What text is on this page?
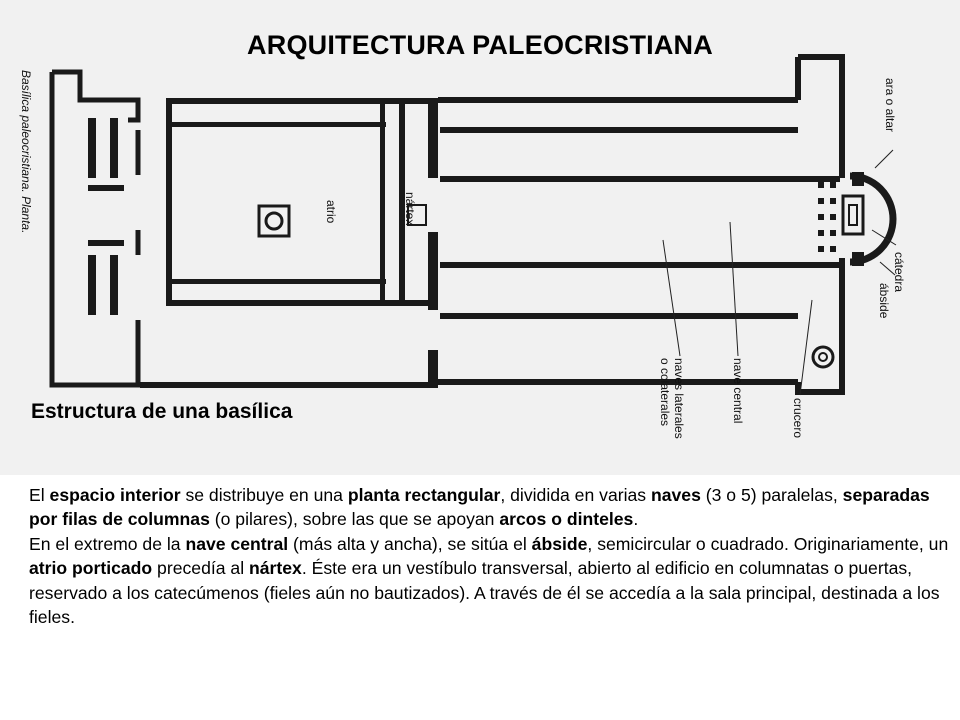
Basílica paleocristiana. Planta.	atrio	nártex
ara o altar
cátedra
ábside
naves laterales
o colaterales	nave central	crucero
ARQUITECTURA PALEOCRISTIANA
Estructura de una basílica

El espacio interior se distribuye en una planta rectangular, dividida en varias naves (3 o 5) paralelas, separadas por filas de columnas (o pilares), sobre las que se apoyan arcos o dinteles.

En el extremo de la nave central (más alta y ancha), se sitúa el ábside, semicircular o cuadrado. Originariamente, un atrio porticado precedía al nártex. Éste era un vestíbulo transversal, abierto al edificio en columnatas o puertas, reservado a los catecúmenos (fieles aún no bautizados). A través de él se accedía a la sala principal, destinada a los fieles.
